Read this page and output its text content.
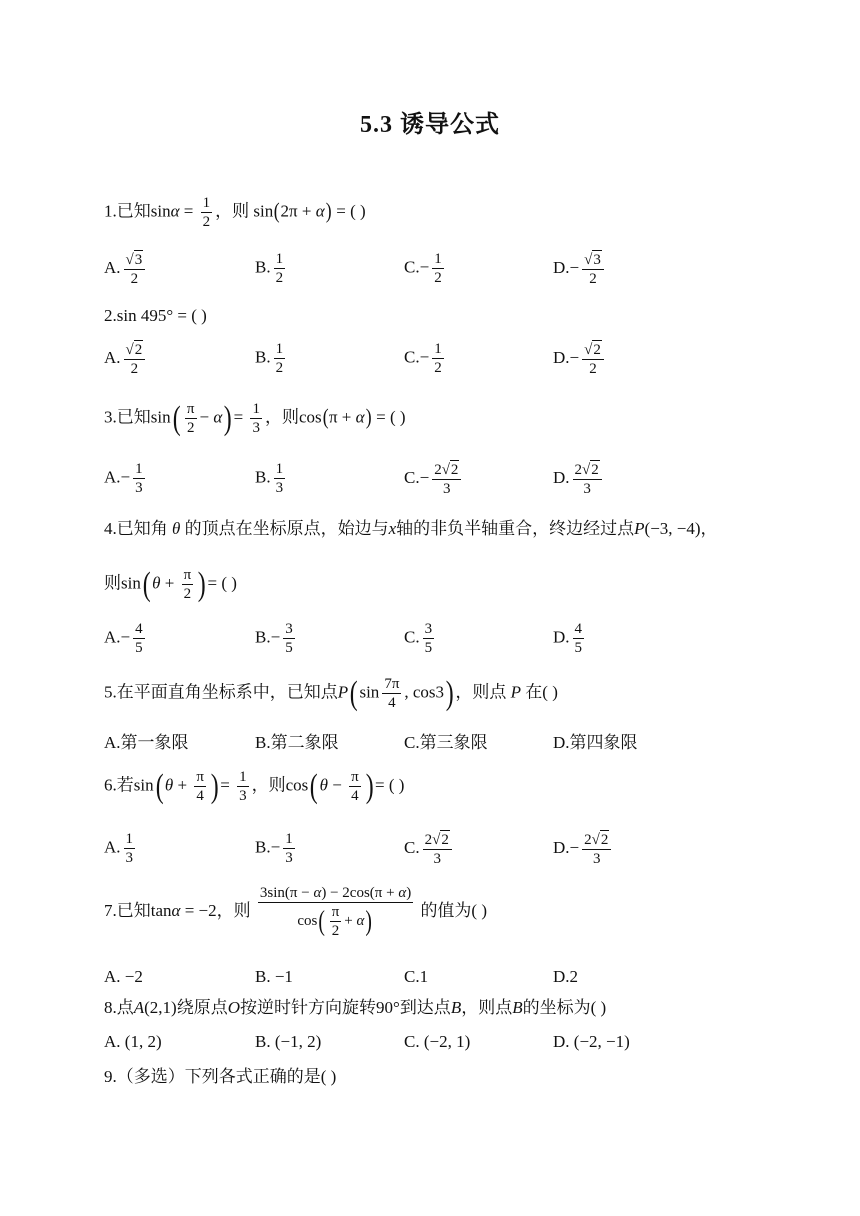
5.3 诱导公式
1.已知$\sin\alpha = \frac{1}{2}$ ，则 sin(2π + α) = ( )
A. $\frac{√3}{2}$	B. $\frac{1}{2}$	$C.- \frac{1}{2}$	$D.- \frac{√3}{2}$
2.sin 495° = ( )
A. $\frac{√2}{2}$	B. $\frac{1}{2}$	$C.- \frac{1}{2}$	$D.- \frac{√2}{2}$
3.已知$\sin( \frac{\pi}{2} - \alpha)= \frac{1}{3}$ ，则cos(π + α) = ( )
$A.- \frac{1}{3}$	B. $\frac{1}{3}$	$C.- \frac{2√2}{3}$	D. $\frac{2√2}{3}$
4.已知角 θ 的顶点在坐标原点，始边与x轴的非负半轴重合，终边经过点P(−3, −4)，
则$\sin(\theta + \frac{\pi}{2}$ )= ( )
$A.- \frac{4}{5}$	$B.- \frac{3}{5}$	C. $\frac{3}{5}$	D. $\frac{4}{5}$
5.在平面直角坐标系中，已知点$P(\sin \frac{7\pi}{4}$ , cos3)，则点 P 在( )
A.第一象限	B.第二象限	C.第三象限	D.第四象限
6.若$\sin(\theta + \frac{\pi}{4}$ )= $\frac{1}{3}$ ，则$\cos(\theta - \frac{\pi}{4}$ )= ( )
A. $\frac{1}{3}$	$B.- \frac{1}{3}$	C. $\frac{2√2}{3}$	$D.- \frac{2√2}{3}$
7.已知tanα = −2，则 $\frac{3\sin(\pi - \alpha) - 2\cos(\pi + \alpha)}{\cos( \frac{\pi}{2} + \alpha)}$ 的值为( )
A. −2	B. −1	C.1	D.2
8.点A(2,1)绕原点O按逆时针方向旋转90°到达点B，则点B的坐标为( )
A. (1, 2)	B. (−1, 2)	C. (−2, 1)	D. (−2, −1)
9.（多选）下列各式正确的是( )
